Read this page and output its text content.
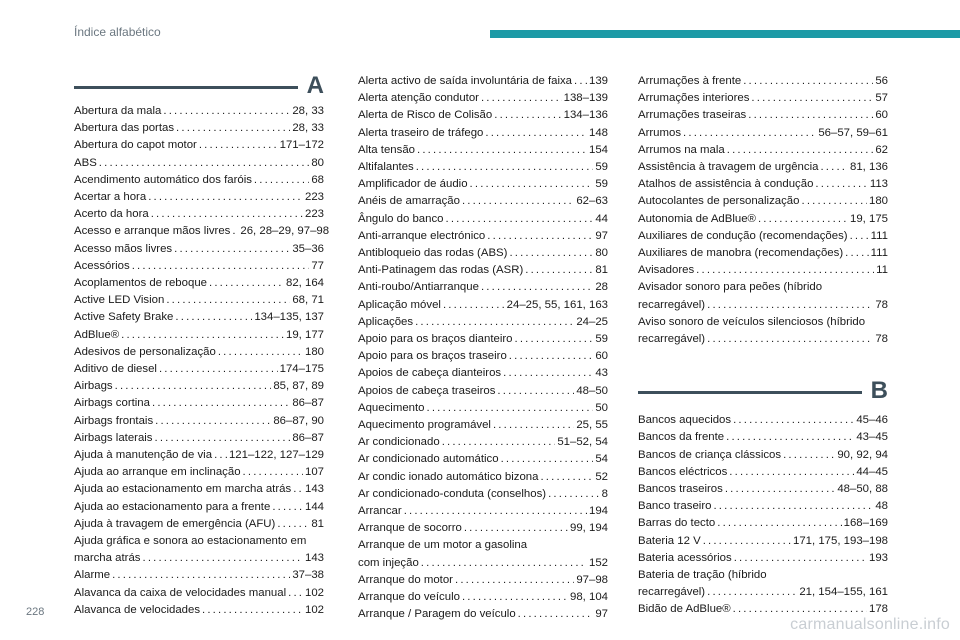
Índice alfabético
A
Abertura da mala . . .	28, 33
Abertura das portas . . .	28, 33
Abertura do capot motor . . .	171–172
ABS . . .	80
Acendimento automático dos faróis . . .	68
Acertar a hora . . .	223
Acerto da hora . . .	223
Acesso e arranque mãos livres . . . 26, 28–29, 97–98
Acesso mãos livres . . .	35–36
Acessórios . . .	77
Acoplamentos de reboque . . .	82, 164
Active LED Vision . . .	68, 71
Active Safety Brake . . .	134–135, 137
AdBlue® . . .	19, 177
Adesivos de personalização . . .	180
Aditivo de diesel . . .	174–175
Airbags . . .	85, 87, 89
Airbags cortina . . .	86–87
Airbags frontais . . .	86–87, 90
Airbags laterais . . .	86–87
Ajuda à manutenção de via . . . 121–122, 127–129
Ajuda ao arranque em inclinação . . .	107
Ajuda ao estacionamento em marcha atrás . . . 143
Ajuda ao estacionamento para a frente . . .	144
Ajuda à travagem de emergência (AFU) . . .	81
Ajuda gráfica e sonora ao estacionamento em
marcha atrás . . .	143
Alarme . . .	37–38
Alavanca da caixa de velocidades manual . . . 102
Alavanca de velocidades . . .	102
Alerta activo de saída involuntária de faixa . . . 139
Alerta atenção condutor . . .	138–139
Alerta de Risco de Colisão . . .	134–136
Alerta traseiro de tráfego . . .	148
Alta tensão . . .	154
Altifalantes . . .	59
Amplificador de áudio . . .	59
Anéis de amarração . . .	62–63
Ângulo do banco . . .	44
Anti-arranque electrónico . . .	97
Antibloqueio das rodas (ABS) . . .	80
Anti-Patinagem das rodas (ASR) . . .	81
Anti-roubo/Antiarranque . . .	28
Aplicação móvel . . .	24–25, 55, 161, 163
Aplicações . . .	24–25
Apoio para os braços dianteiro . . .	59
Apoio para os braços traseiro . . .	60
Apoios de cabeça dianteiros . . .	43
Apoios de cabeça traseiros . . .	48–50
Aquecimento . . .	50
Aquecimento programável . . .	25, 55
Ar condicionado . . .	51–52, 54
Ar condicionado automático . . .	54
Ar condic ionado automático bizona . . .	52
Ar condicionado-conduta (conselhos) . . .	8
Arrancar . . .	194
Arranque de socorro . . .	99, 194
Arranque de um motor a gasolina
com injeção . . .	152
Arranque do motor . . .	97–98
Arranque do veículo . . .	98, 104
Arranque / Paragem do veículo . . .	97
Arrumações à frente . . .	56
Arrumações interiores . . .	57
Arrumações traseiras . . .	60
Arrumos . . .	56–57, 59–61
Arrumos na mala . . .	62
Assistência à travagem de urgência . . .	81, 136
Atalhos de assistência à condução . . .	113
Autocolantes de personalização . . .	180
Autonomia de AdBlue® . . .	19, 175
Auxiliares de condução (recomendações) . . . 111
Auxiliares de manobra (recomendações) . . . 111
Avisadores . . .	11
Avisador sonoro para peões (híbrido
recarregável) . . .	78
Aviso sonoro de veículos silenciosos (híbrido
recarregável) . . .	78
B
Bancos aquecidos . . .	45–46
Bancos da frente . . .	43–45
Bancos de criança clássicos . . .	90, 92, 94
Bancos eléctricos . . .	44–45
Bancos traseiros . . .	48–50, 88
Banco traseiro . . .	48
Barras do tecto . . .	168–169
Bateria 12 V . . .	171, 175, 193–198
Bateria acessórios . . .	193
Bateria de tração (híbrido
recarregável) . . .	21, 154–155, 161
Bidão de AdBlue® . . .	178
228
carmanualsonline.info
